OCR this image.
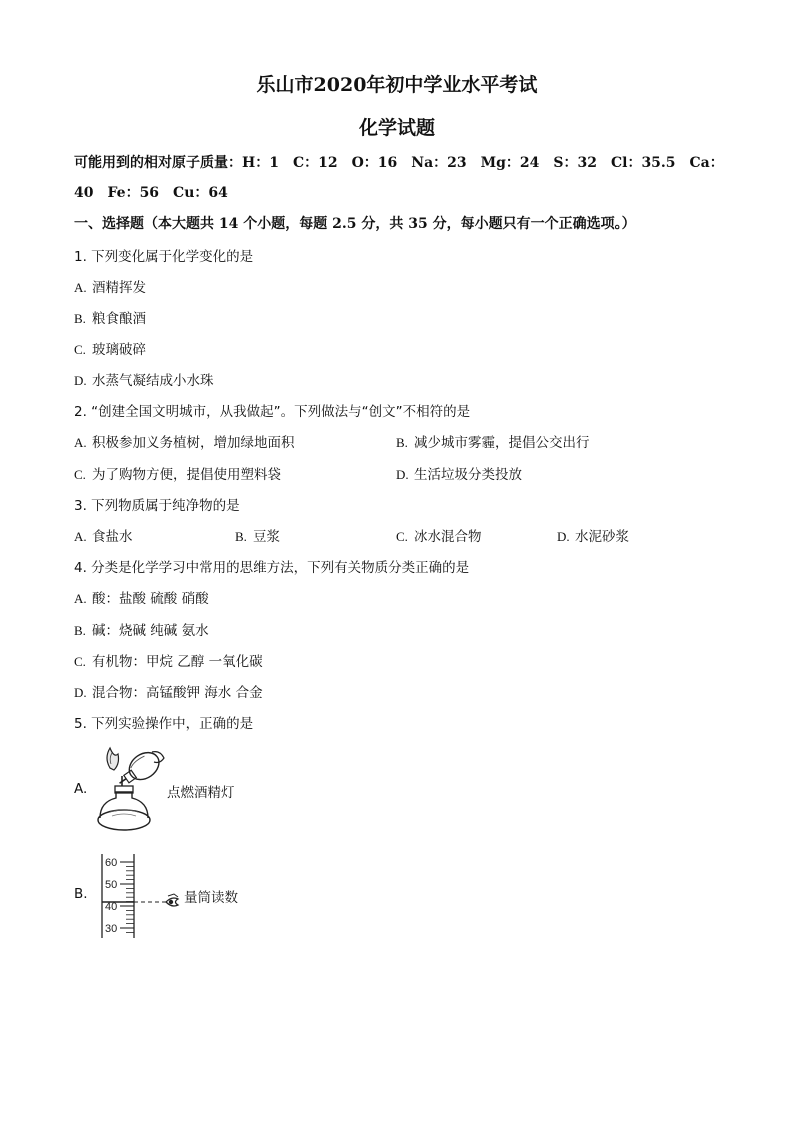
乐山市2020年初中学业水平考试
化学试题
可能用到的相对原子质量：H：1　C：12　O：16　Na：23　Mg：24　S：32　Cl：35.5　Ca：
40　Fe：56　Cu：64
一、选择题（本大题共 14 个小题，每题 2.5 分，共 35 分，每小题只有一个正确选项。）
1. 下列变化属于化学变化的是
A. 酒精挥发
B. 粮食酿酒
C. 玻璃破碎
D. 水蒸气凝结成小水珠
2. “创建全国文明城市，从我做起”。下列做法与“创文”不相符的是
A. 积极参加义务植树，增加绿地面积	B. 减少城市雾霾，提倡公交出行
C. 为了购物方便，提倡使用塑料袋	D. 生活垃圾分类投放
3. 下列物质属于纯净物的是
A. 食盐水	B. 豆浆	C. 冰水混合物	D. 水泥砂浆
4. 分类是化学学习中常用的思维方法，下列有关物质分类正确的是
A. 酸：盐酸 硫酸 硝酸
B. 碱：烧碱 纯碱 氨水
C. 有机物：甲烷 乙醇 一氧化碳
D. 混合物：高锰酸钾 海水 合金
5. 下列实验操作中，正确的是
A.	点燃酒精灯
B.
60
50
40
30
量筒读数
